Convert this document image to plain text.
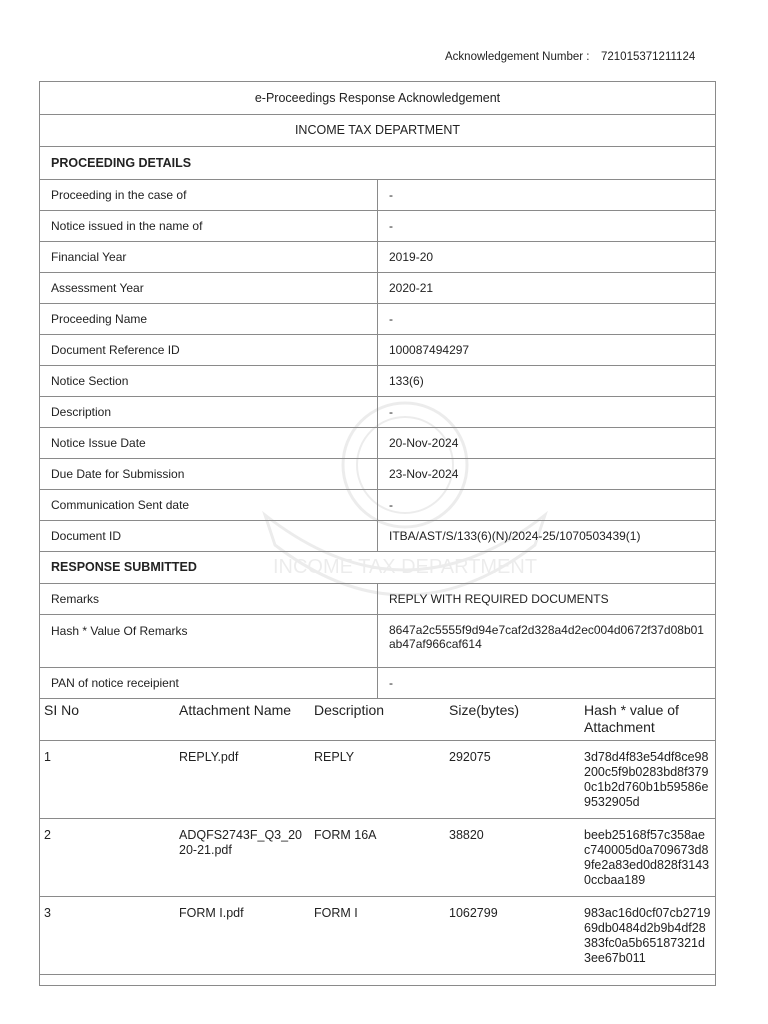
Acknowledgement Number : 721015371211124
INCOME TAX DEPARTMENT
e-Proceedings Response Acknowledgement	
INCOME TAX DEPARTMENT	
PROCEEDING DETAILS	
Proceeding in the case of	-
Notice issued in the name of	-
Financial Year	2019-20
Assessment Year	2020-21
Proceeding Name	-
Document Reference ID	100087494297
Notice Section	133(6)
Description	-
Notice Issue Date	20-Nov-2024
Due Date for Submission	23-Nov-2024
Communication Sent date	-
Document ID	ITBA/AST/S/133(6)(N)/2024-25/1070503439(1)
RESPONSE SUBMITTED	
Remarks	REPLY WITH REQUIRED DOCUMENTS
Hash * Value Of Remarks	8647a2c5555f9d94e7caf2d328a4d2ec004d0672f37d08b01ab47af966caf614
PAN of notice receipient	-
SI No	Attachment Name	Description	Size(bytes)	Hash * value of Attachment
1	REPLY.pdf	REPLY	292075	3d78d4f83e54df8ce98200c5f9b0283bd8f3790c1b2d760b1b59586e9532905d
2	ADQFS2743F_Q3_2020-21.pdf	FORM 16A	38820	beeb25168f57c358aec740005d0a709673d89fe2a83ed0d828f31430ccbaa189
3	FORM I.pdf	FORM I	1062799	983ac16d0cf07cb271969db0484d2b9b4df28383fc0a5b65187321d3ee67b011
